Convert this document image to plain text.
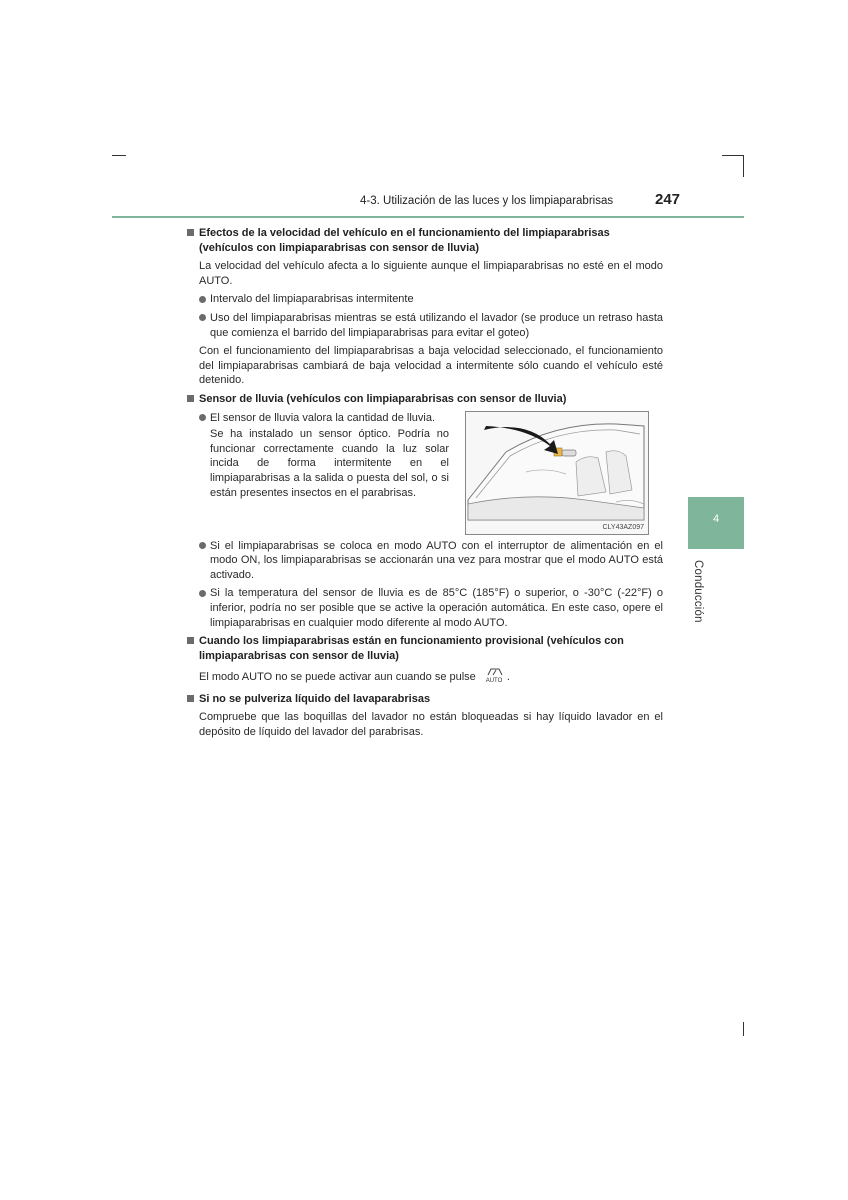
4-3. Utilización de las luces y los limpiaparabrisas	247
4
Conducción
Efectos de la velocidad del vehículo en el funcionamiento del limpiaparabrisas (vehículos con limpiaparabrisas con sensor de lluvia)
La velocidad del vehículo afecta a lo siguiente aunque el limpiaparabrisas no esté en el modo AUTO.
Intervalo del limpiaparabrisas intermitente
Uso del limpiaparabrisas mientras se está utilizando el lavador (se produce un retraso hasta que comienza el barrido del limpiaparabrisas para evitar el goteo)
Con el funcionamiento del limpiaparabrisas a baja velocidad seleccionado, el funcionamiento del limpiaparabrisas cambiará de baja velocidad a intermitente sólo cuando el vehículo esté detenido.
Sensor de lluvia (vehículos con limpiaparabrisas con sensor de lluvia)
El sensor de lluvia valora la cantidad de lluvia.
Se ha instalado un sensor óptico. Podría no funcionar correctamente cuando la luz solar incida de forma intermitente en el limpiaparabrisas a la salida o puesta del sol, o si están presentes insectos en el parabrisas.
Si el limpiaparabrisas se coloca en modo AUTO con el interruptor de alimentación en el modo ON, los limpiaparabrisas se accionarán una vez para mostrar que el modo AUTO está activado.
Si la temperatura del sensor de lluvia es de 85°C (185°F) o superior, o -30°C (-22°F) o inferior, podría no ser posible que se active la operación automática. En este caso, opere el limpiaparabrisas en cualquier modo diferente al modo AUTO.
Cuando los limpiaparabrisas están en funcionamiento provisional (vehículos con limpiaparabrisas con sensor de lluvia)
El modo AUTO no se puede activar aun cuando se pulse AUTO .
Si no se pulveriza líquido del lavaparabrisas
Compruebe que las boquillas del lavador no están bloqueadas si hay líquido lavador en el depósito de líquido del lavador del parabrisas.
CLY43AZ097
